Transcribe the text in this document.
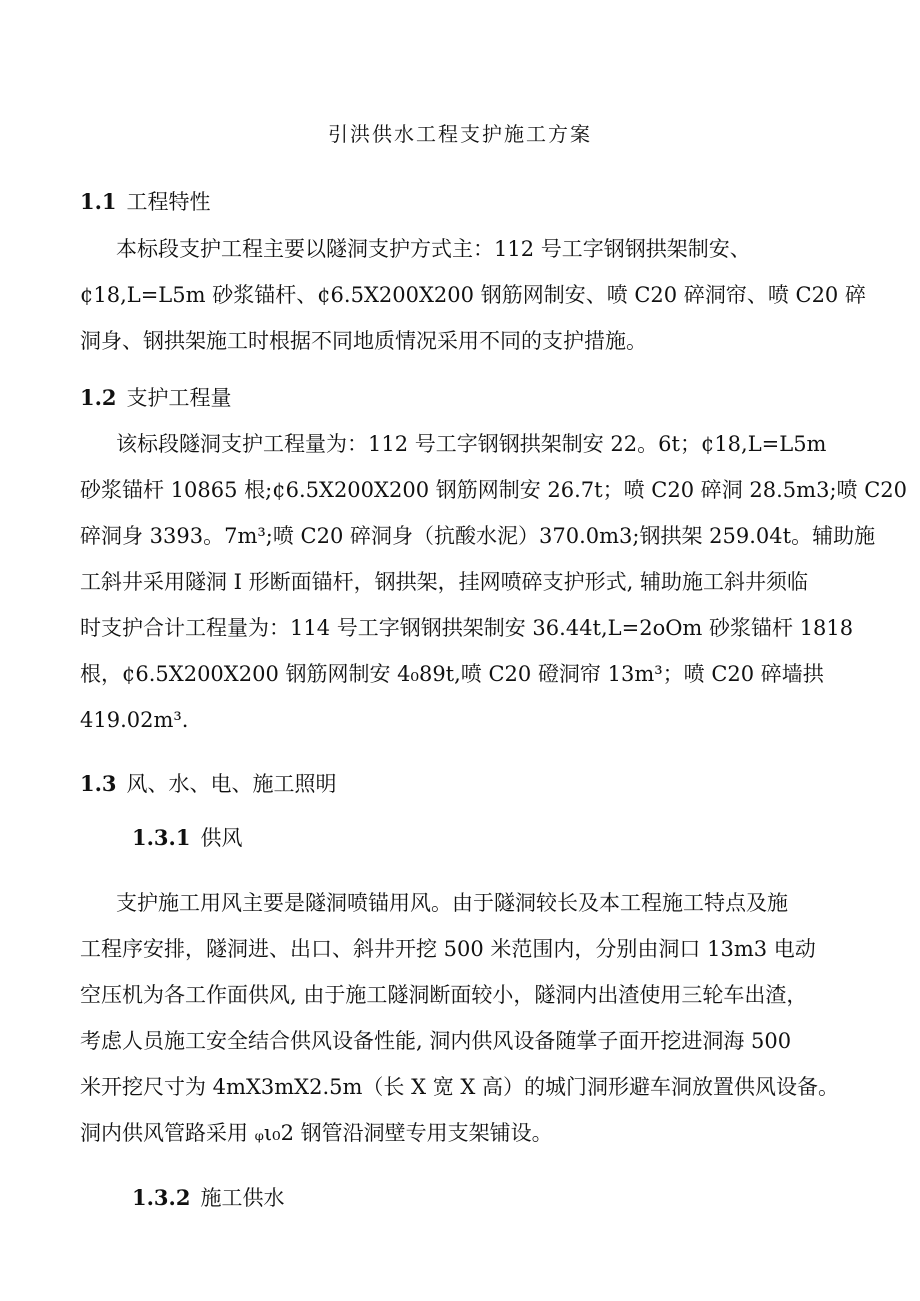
引洪供水工程支护施工方案
1.1 工程特性
本标段支护工程主要以隧洞支护方式主：112 号工字钢钢拱架制安、
¢18,L=L5m 砂浆锚杆、¢6.5X200X200 钢筋网制安、喷 C20 碎洞帘、喷 C20 碎
洞身、钢拱架施工时根据不同地质情况采用不同的支护措施。
1.2 支护工程量
该标段隧洞支护工程量为：112 号工字钢钢拱架制安 22。6t；¢18,L=L5m
砂浆锚杆 10865 根;¢6.5X200X200 钢筋网制安 26.7t；喷 C20 碎洞 28.5m3;喷 C20
碎洞身 3393。7m³;喷 C20 碎洞身（抗酸水泥）370.0m3;钢拱架 259.04t。辅助施
工斜井采用隧洞 I 形断面锚杆，钢拱架，挂网喷碎支护形式, 辅助施工斜井须临
时支护合计工程量为：114 号工字钢钢拱架制安 36.44t,L=2oOm 砂浆锚杆 1818
根，¢6.5X200X200 钢筋网制安 4₀89t,喷 C20 磴洞帘 13m³；喷 C20 碎墙拱
419.02m³.
1.3 风、水、电、施工照明
1.3.1 供风
支护施工用风主要是隧洞喷锚用风。由于隧洞较长及本工程施工特点及施
工程序安排，隧洞进、出口、斜井开挖 500 米范围内，分别由洞口 13m3 电动
空压机为各工作面供风, 由于施工隧洞断面较小，隧洞内出渣使用三轮车出渣，
考虑人员施工安全结合供风设备性能, 洞内供风设备随掌子面开挖进洞海 500
米开挖尺寸为 4mX3mX2.5m（长 X 宽 X 高）的城门洞形避车洞放置供风设备。
洞内供风管路采用 ᵩι₀2 钢管沿洞壁专用支架铺设。
1.3.2 施工供水
